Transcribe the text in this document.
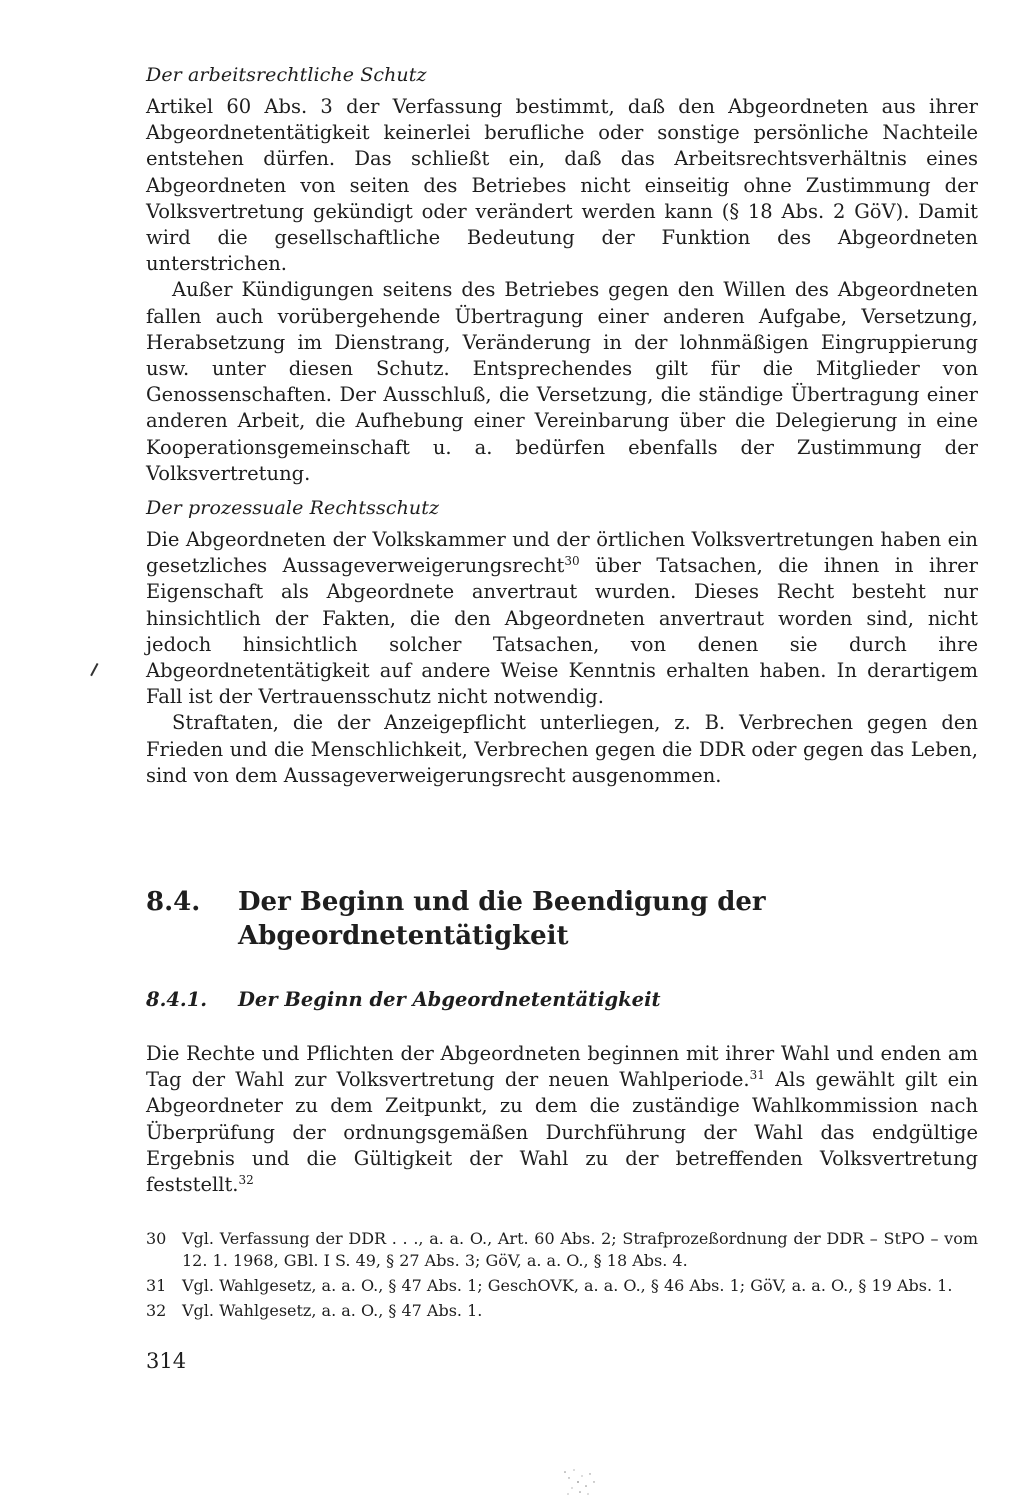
Der arbeitsrechtliche Schutz

Artikel 60 Abs. 3 der Verfassung bestimmt, daß den Abgeordneten aus ihrer Abgeordnetentätigkeit keinerlei berufliche oder sonstige persönliche Nachteile entstehen dürfen. Das schließt ein, daß das Arbeitsrechtsverhältnis eines Abgeordneten von seiten des Betriebes nicht einseitig ohne Zustimmung der Volksvertretung gekündigt oder verändert werden kann (§ 18 Abs. 2 GöV). Damit wird die gesellschaftliche Bedeutung der Funktion des Abgeordneten unterstrichen.

Außer Kündigungen seitens des Betriebes gegen den Willen des Abgeordneten fallen auch vorübergehende Übertragung einer anderen Aufgabe, Versetzung, Herabsetzung im Dienstrang, Veränderung in der lohnmäßigen Eingruppierung usw. unter diesen Schutz. Entsprechendes gilt für die Mitglieder von Genossenschaften. Der Ausschluß, die Versetzung, die ständige Übertragung einer anderen Arbeit, die Aufhebung einer Vereinbarung über die Delegierung in eine Kooperationsgemeinschaft u. a. bedürfen ebenfalls der Zustimmung der Volksvertretung.

Der prozessuale Rechtsschutz

Die Abgeordneten der Volkskammer und der örtlichen Volksvertretungen haben ein gesetzliches Aussageverweigerungsrecht$^{30}$ über Tatsachen, die ihnen in ihrer Eigenschaft als Abgeordnete anvertraut wurden. Dieses Recht besteht nur hinsichtlich der Fakten, die den Abgeordneten anvertraut worden sind, nicht jedoch hinsichtlich solcher Tatsachen, von denen sie durch ihre Abgeordnetentätigkeit auf andere Weise Kenntnis erhalten haben. In derartigem Fall ist der Vertrauensschutz nicht notwendig.

Straftaten, die der Anzeigepflicht unterliegen, z. B. Verbrechen gegen den Frieden und die Menschlichkeit, Verbrechen gegen die DDR oder gegen das Leben, sind von dem Aussageverweigerungsrecht ausgenommen.

8.4.	Der Beginn und die Beendigung der Abgeordnetentätigkeit
8.4.1.	Der Beginn der Abgeordnetentätigkeit

Die Rechte und Pflichten der Abgeordneten beginnen mit ihrer Wahl und enden am Tag der Wahl zur Volksvertretung der neuen Wahlperiode.$^{31}$ Als gewählt gilt ein Abgeordneter zu dem Zeitpunkt, zu dem die zuständige Wahlkommission nach Überprüfung der ordnungsgemäßen Durchführung der Wahl das endgültige Ergebnis und die Gültigkeit der Wahl zu der betreffenden Volksvertretung feststellt.$^{32}$

30 Vgl. Verfassung der DDR . . ., a. a. O., Art. 60 Abs. 2; Strafprozeßordnung der DDR – StPO – vom 12. 1. 1968, GBl. I S. 49, § 27 Abs. 3; GöV, a. a. O., § 18 Abs. 4.
31 Vgl. Wahlgesetz, a. a. O., § 47 Abs. 1; GeschOVK, a. a. O., § 46 Abs. 1; GöV, a. a. O., § 19 Abs. 1.
32 Vgl. Wahlgesetz, a. a. O., § 47 Abs. 1.
314
